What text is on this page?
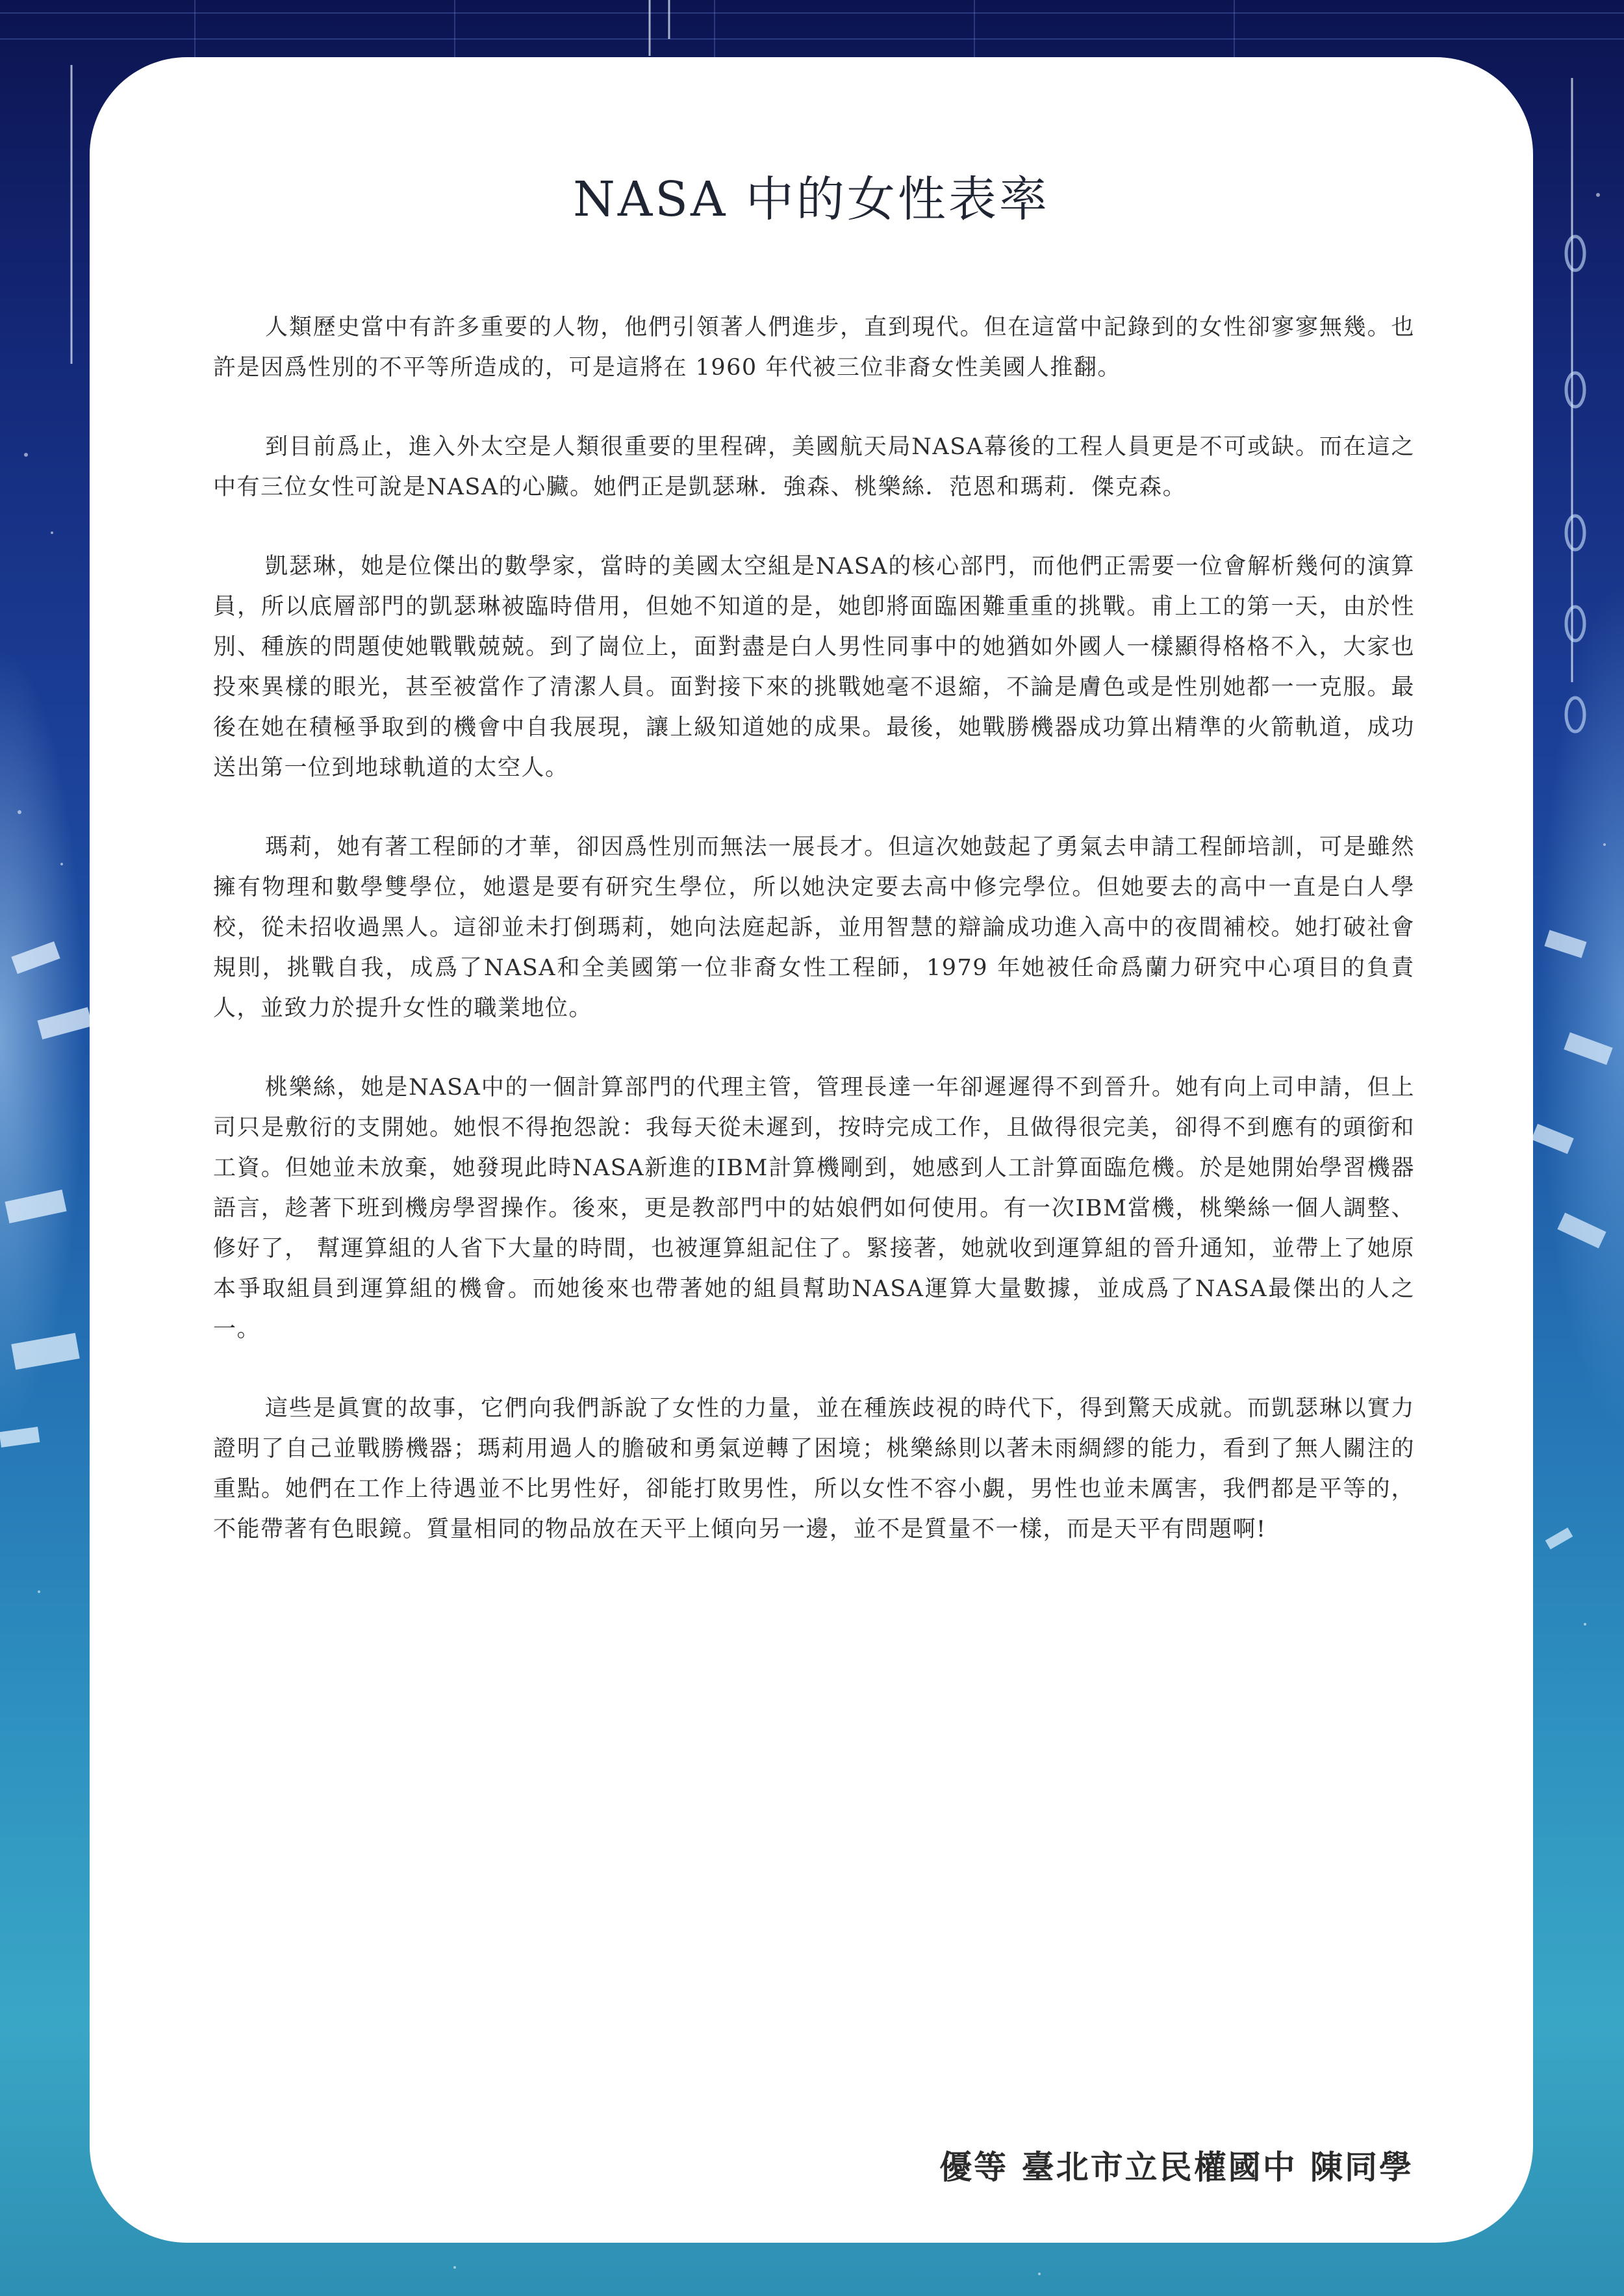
NASA 中的女性表率

人類歷史當中有許多重要的人物，他們引領著人們進步，直到現代。但在這當中記錄到的女性卻寥寥無幾。也許是因爲性別的不平等所造成的，可是這將在 1960 年代被三位非裔女性美國人推翻。

到目前爲止，進入外太空是人類很重要的里程碑，美國航天局NASA幕後的工程人員更是不可或缺。而在這之中有三位女性可說是NASA的心臟。她們正是凱瑟琳．強森、桃樂絲．范恩和瑪莉．傑克森。

凱瑟琳，她是位傑出的數學家，當時的美國太空組是NASA的核心部門，而他們正需要一位會解析幾何的演算員，所以底層部門的凱瑟琳被臨時借用，但她不知道的是，她卽將面臨困難重重的挑戰。甫上工的第一天，由於性別、種族的問題使她戰戰兢兢。到了崗位上，面對盡是白人男性同事中的她猶如外國人一樣顯得格格不入，大家也投來異樣的眼光，甚至被當作了清潔人員。面對接下來的挑戰她毫不退縮，不論是膚色或是性別她都一一克服。最後在她在積極爭取到的機會中自我展現，讓上級知道她的成果。最後，她戰勝機器成功算出精準的火箭軌道，成功送出第一位到地球軌道的太空人。

瑪莉，她有著工程師的才華，卻因爲性別而無法一展長才。但這次她鼓起了勇氣去申請工程師培訓，可是雖然擁有物理和數學雙學位，她還是要有研究生學位，所以她決定要去高中修完學位。但她要去的高中一直是白人學校，從未招收過黑人。這卻並未打倒瑪莉，她向法庭起訴，並用智慧的辯論成功進入高中的夜間補校。她打破社會規則，挑戰自我，成爲了NASA和全美國第一位非裔女性工程師，1979 年她被任命爲蘭力研究中心項目的負責人，並致力於提升女性的職業地位。

桃樂絲，她是NASA中的一個計算部門的代理主管，管理長達一年卻遲遲得不到晉升。她有向上司申請，但上司只是敷衍的支開她。她恨不得抱怨說：我每天從未遲到，按時完成工作，且做得很完美，卻得不到應有的頭銜和工資。但她並未放棄，她發現此時NASA新進的IBM計算機剛到，她感到人工計算面臨危機。於是她開始學習機器語言，趁著下班到機房學習操作。後來，更是教部門中的姑娘們如何使用。有一次IBM當機，桃樂絲一個人調整、修好了， 幫運算組的人省下大量的時間，也被運算組記住了。緊接著，她就收到運算組的晉升通知，並帶上了她原本爭取組員到運算組的機會。而她後來也帶著她的組員幫助NASA運算大量數據，並成爲了NASA最傑出的人之一。

這些是眞實的故事，它們向我們訴說了女性的力量，並在種族歧視的時代下，得到驚天成就。而凱瑟琳以實力證明了自己並戰勝機器；瑪莉用過人的膽破和勇氣逆轉了困境；桃樂絲則以著未雨綢繆的能力，看到了無人關注的重點。她們在工作上待遇並不比男性好，卻能打敗男性，所以女性不容小覷，男性也並未厲害，我們都是平等的，不能帶著有色眼鏡。質量相同的物品放在天平上傾向另一邊，並不是質量不一樣，而是天平有問題啊!

優等 臺北市立民權國中 陳同學
